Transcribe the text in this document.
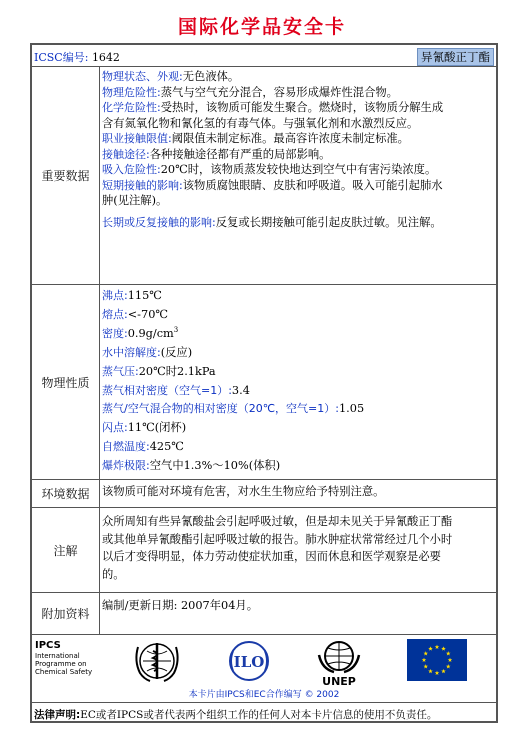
国际化学品安全卡
ICSC编号: 1642	异氰酸正丁酯
重要数据
物理状态、外观:无色液体。
物理危险性:蒸气与空气充分混合，容易形成爆炸性混合物。
化学危险性:受热时，该物质可能发生聚合。燃烧时，该物质分解生成
含有氮氧化物和氰化氢的有毒气体。与强氧化剂和水激烈反应。
职业接触限值:阈限值未制定标准。最高容许浓度未制定标准。
接触途径:各种接触途径都有严重的局部影响。
吸入危险性:20℃时，该物质蒸发较快地达到空气中有害污染浓度。
短期接触的影响:该物质腐蚀眼睛、皮肤和呼吸道。吸入可能引起肺水
肿(见注解)。
长期或反复接触的影响:反复或长期接触可能引起皮肤过敏。见注解。
物理性质
沸点:115℃
熔点:<-70℃
密度$:0.9g/cm^3$
水中溶解度:(反应)
蒸气压:20℃时2.1kPa
蒸气相对密度（空气=1）:3.4
蒸气/空气混合物的相对密度（20℃，空气=1）:1.05
闪点:11℃(闭杯)
自燃温度:425℃
爆炸极限:空气中1.3%～10%(体积)
环境数据	该物质可能对环境有危害，对水生生物应给予特别注意。
注解
众所周知有些异氰酸盐会引起呼吸过敏，但是却未见关于异氰酸正丁酯
或其他单异氰酸酯引起呼吸过敏的报告。肺水肿症状常常经过几个小时
以后才变得明显，体力劳动使症状加重，因而休息和医学观察是必要
的。
附加资料
编制/更新日期: 2007年04月。
IPCS
International
Programme on
Chemical Safety
ILO
UNEP
本卡片由IPCS和EC合作编写 © 2002
法律声明:EC或者IPCS或者代表两个组织工作的任何人对本卡片信息的使用不负责任。
